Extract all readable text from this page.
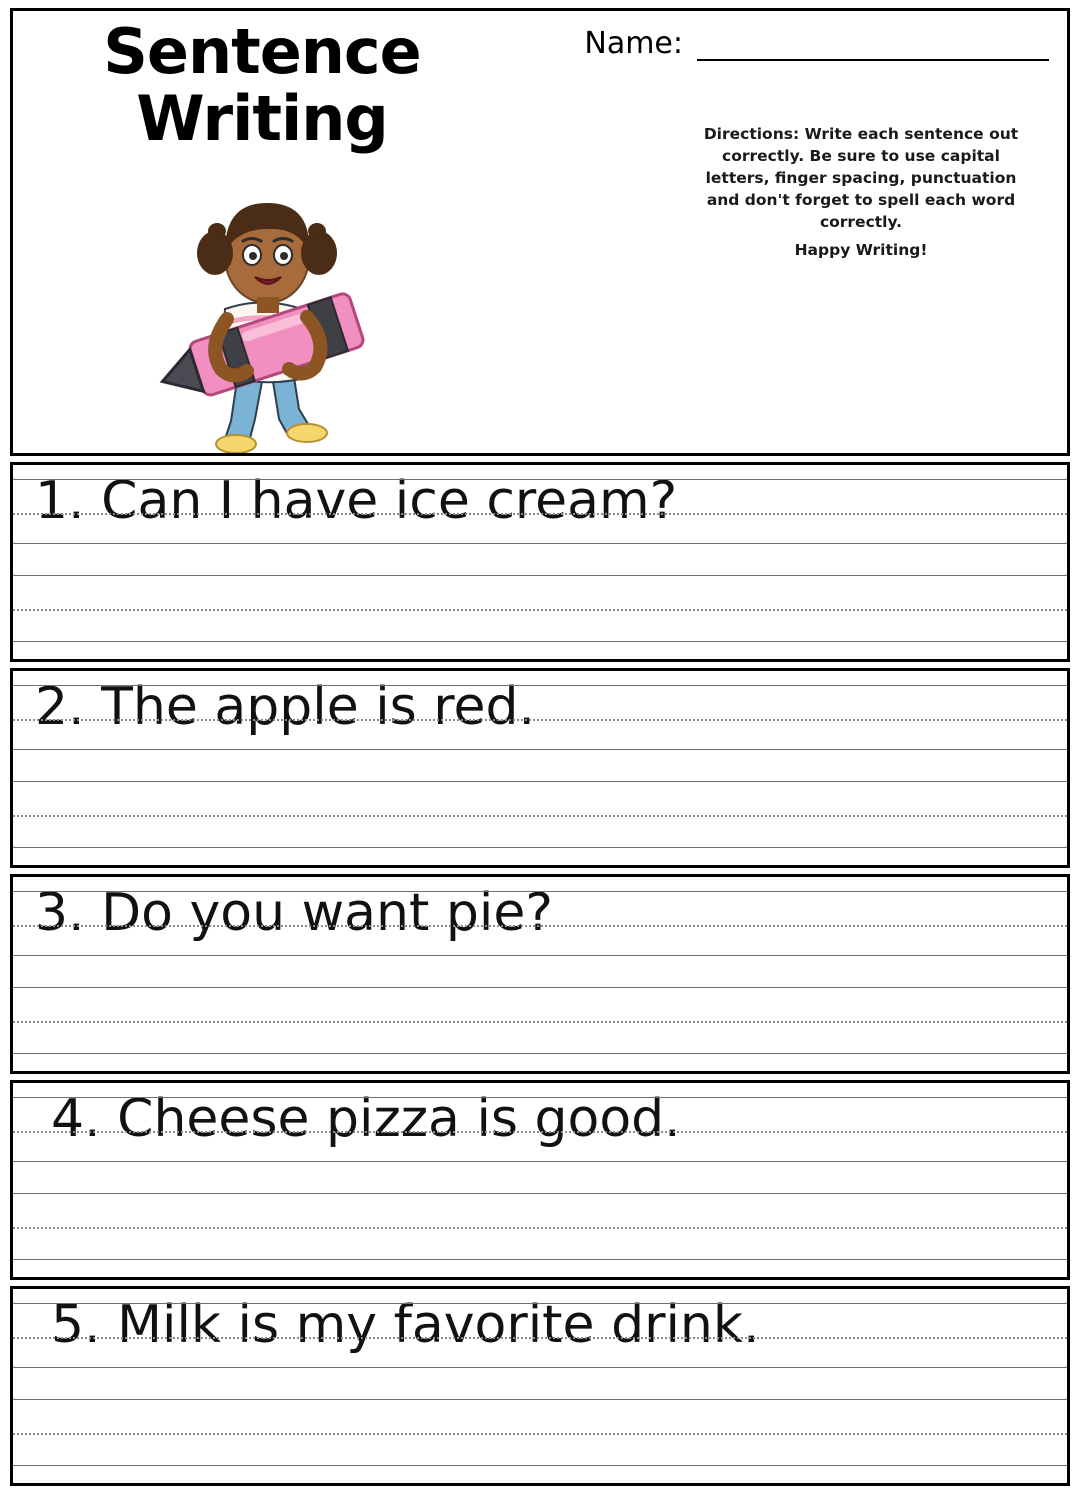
Sentence
Writing
Name:
Directions: Write each sentence out correctly. Be sure to use capital letters, finger spacing, punctuation and don't forget to spell each word correctly.
Happy Writing!
1. Can I have ice cream?
2. The apple is red.
3. Do you want pie?
4. Cheese pizza is good.
5. Milk is my favorite drink.
